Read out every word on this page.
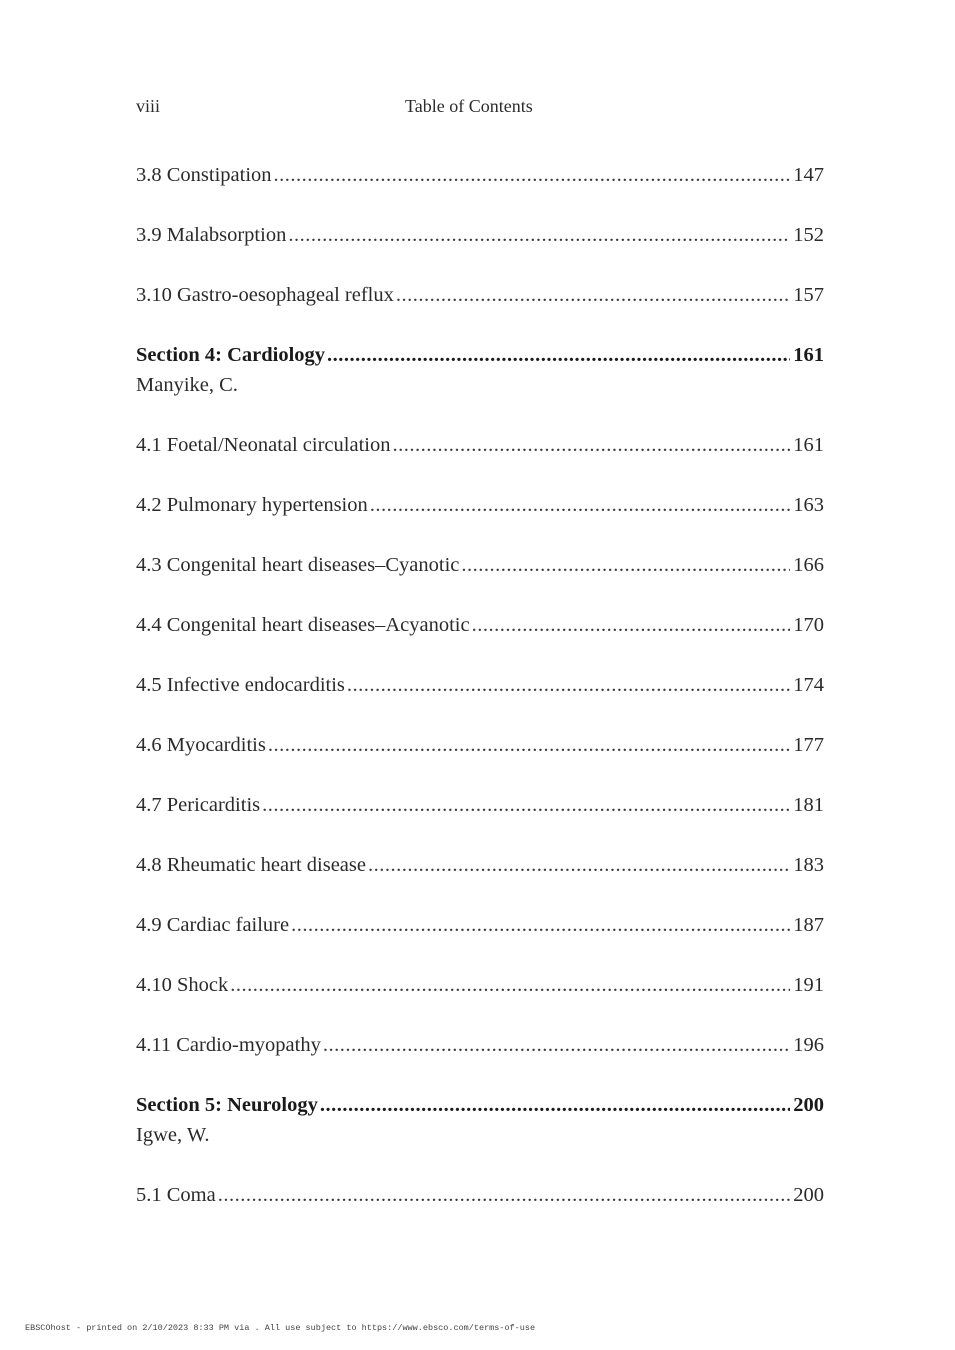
viii	Table of Contents
3.8 Constipation .....	147
3.9 Malabsorption .....	152
3.10 Gastro-oesophageal reflux .....	157
Section 4: Cardiology .....	161
Manyike, C.
4.1 Foetal/Neonatal circulation .....	161
4.2 Pulmonary hypertension .....	163
4.3 Congenital heart diseases–Cyanotic .....	166
4.4 Congenital heart diseases–Acyanotic .....	170
4.5 Infective endocarditis .....	174
4.6 Myocarditis .....	177
4.7 Pericarditis .....	181
4.8 Rheumatic heart disease .....	183
4.9 Cardiac failure .....	187
4.10 Shock .....	191
4.11 Cardio-myopathy .....	196
Section 5: Neurology .....	200
Igwe, W.
5.1 Coma .....	200
EBSCOhost - printed on 2/10/2023 8:33 PM via . All use subject to https://www.ebsco.com/terms-of-use
